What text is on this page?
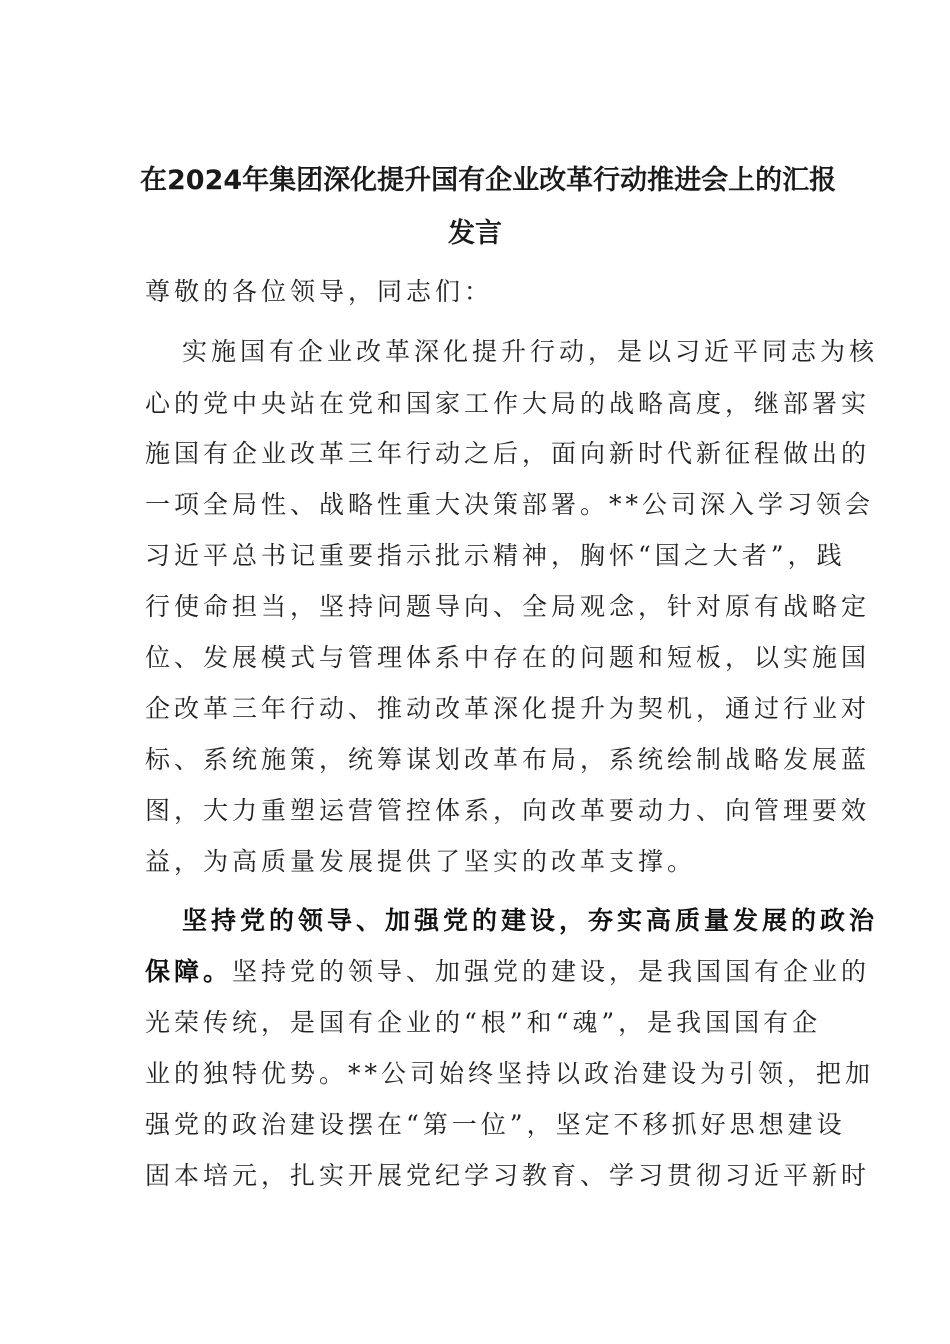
在2024年集团深化提升国有企业改革行动推进会上的汇报
发言
尊敬的各位领导，同志们：
实施国有企业改革深化提升行动，是以习近平同志为核
心的党中央站在党和国家工作大局的战略高度，继部署实
施国有企业改革三年行动之后，面向新时代新征程做出的
一项全局性、战略性重大决策部署。**公司深入学习领会
习近平总书记重要指示批示精神，胸怀“国之大者”，践
行使命担当，坚持问题导向、全局观念，针对原有战略定
位、发展模式与管理体系中存在的问题和短板，以实施国
企改革三年行动、推动改革深化提升为契机，通过行业对
标、系统施策，统筹谋划改革布局，系统绘制战略发展蓝
图，大力重塑运营管控体系，向改革要动力、向管理要效
益，为高质量发展提供了坚实的改革支撑。
坚持党的领导、加强党的建设，夯实高质量发展的政治
保障。坚持党的领导、加强党的建设，是我国国有企业的
光荣传统，是国有企业的“根”和“魂”，是我国国有企
业的独特优势。**公司始终坚持以政治建设为引领，把加
强党的政治建设摆在“第一位”，坚定不移抓好思想建设
固本培元，扎实开展党纪学习教育、学习贯彻习近平新时
